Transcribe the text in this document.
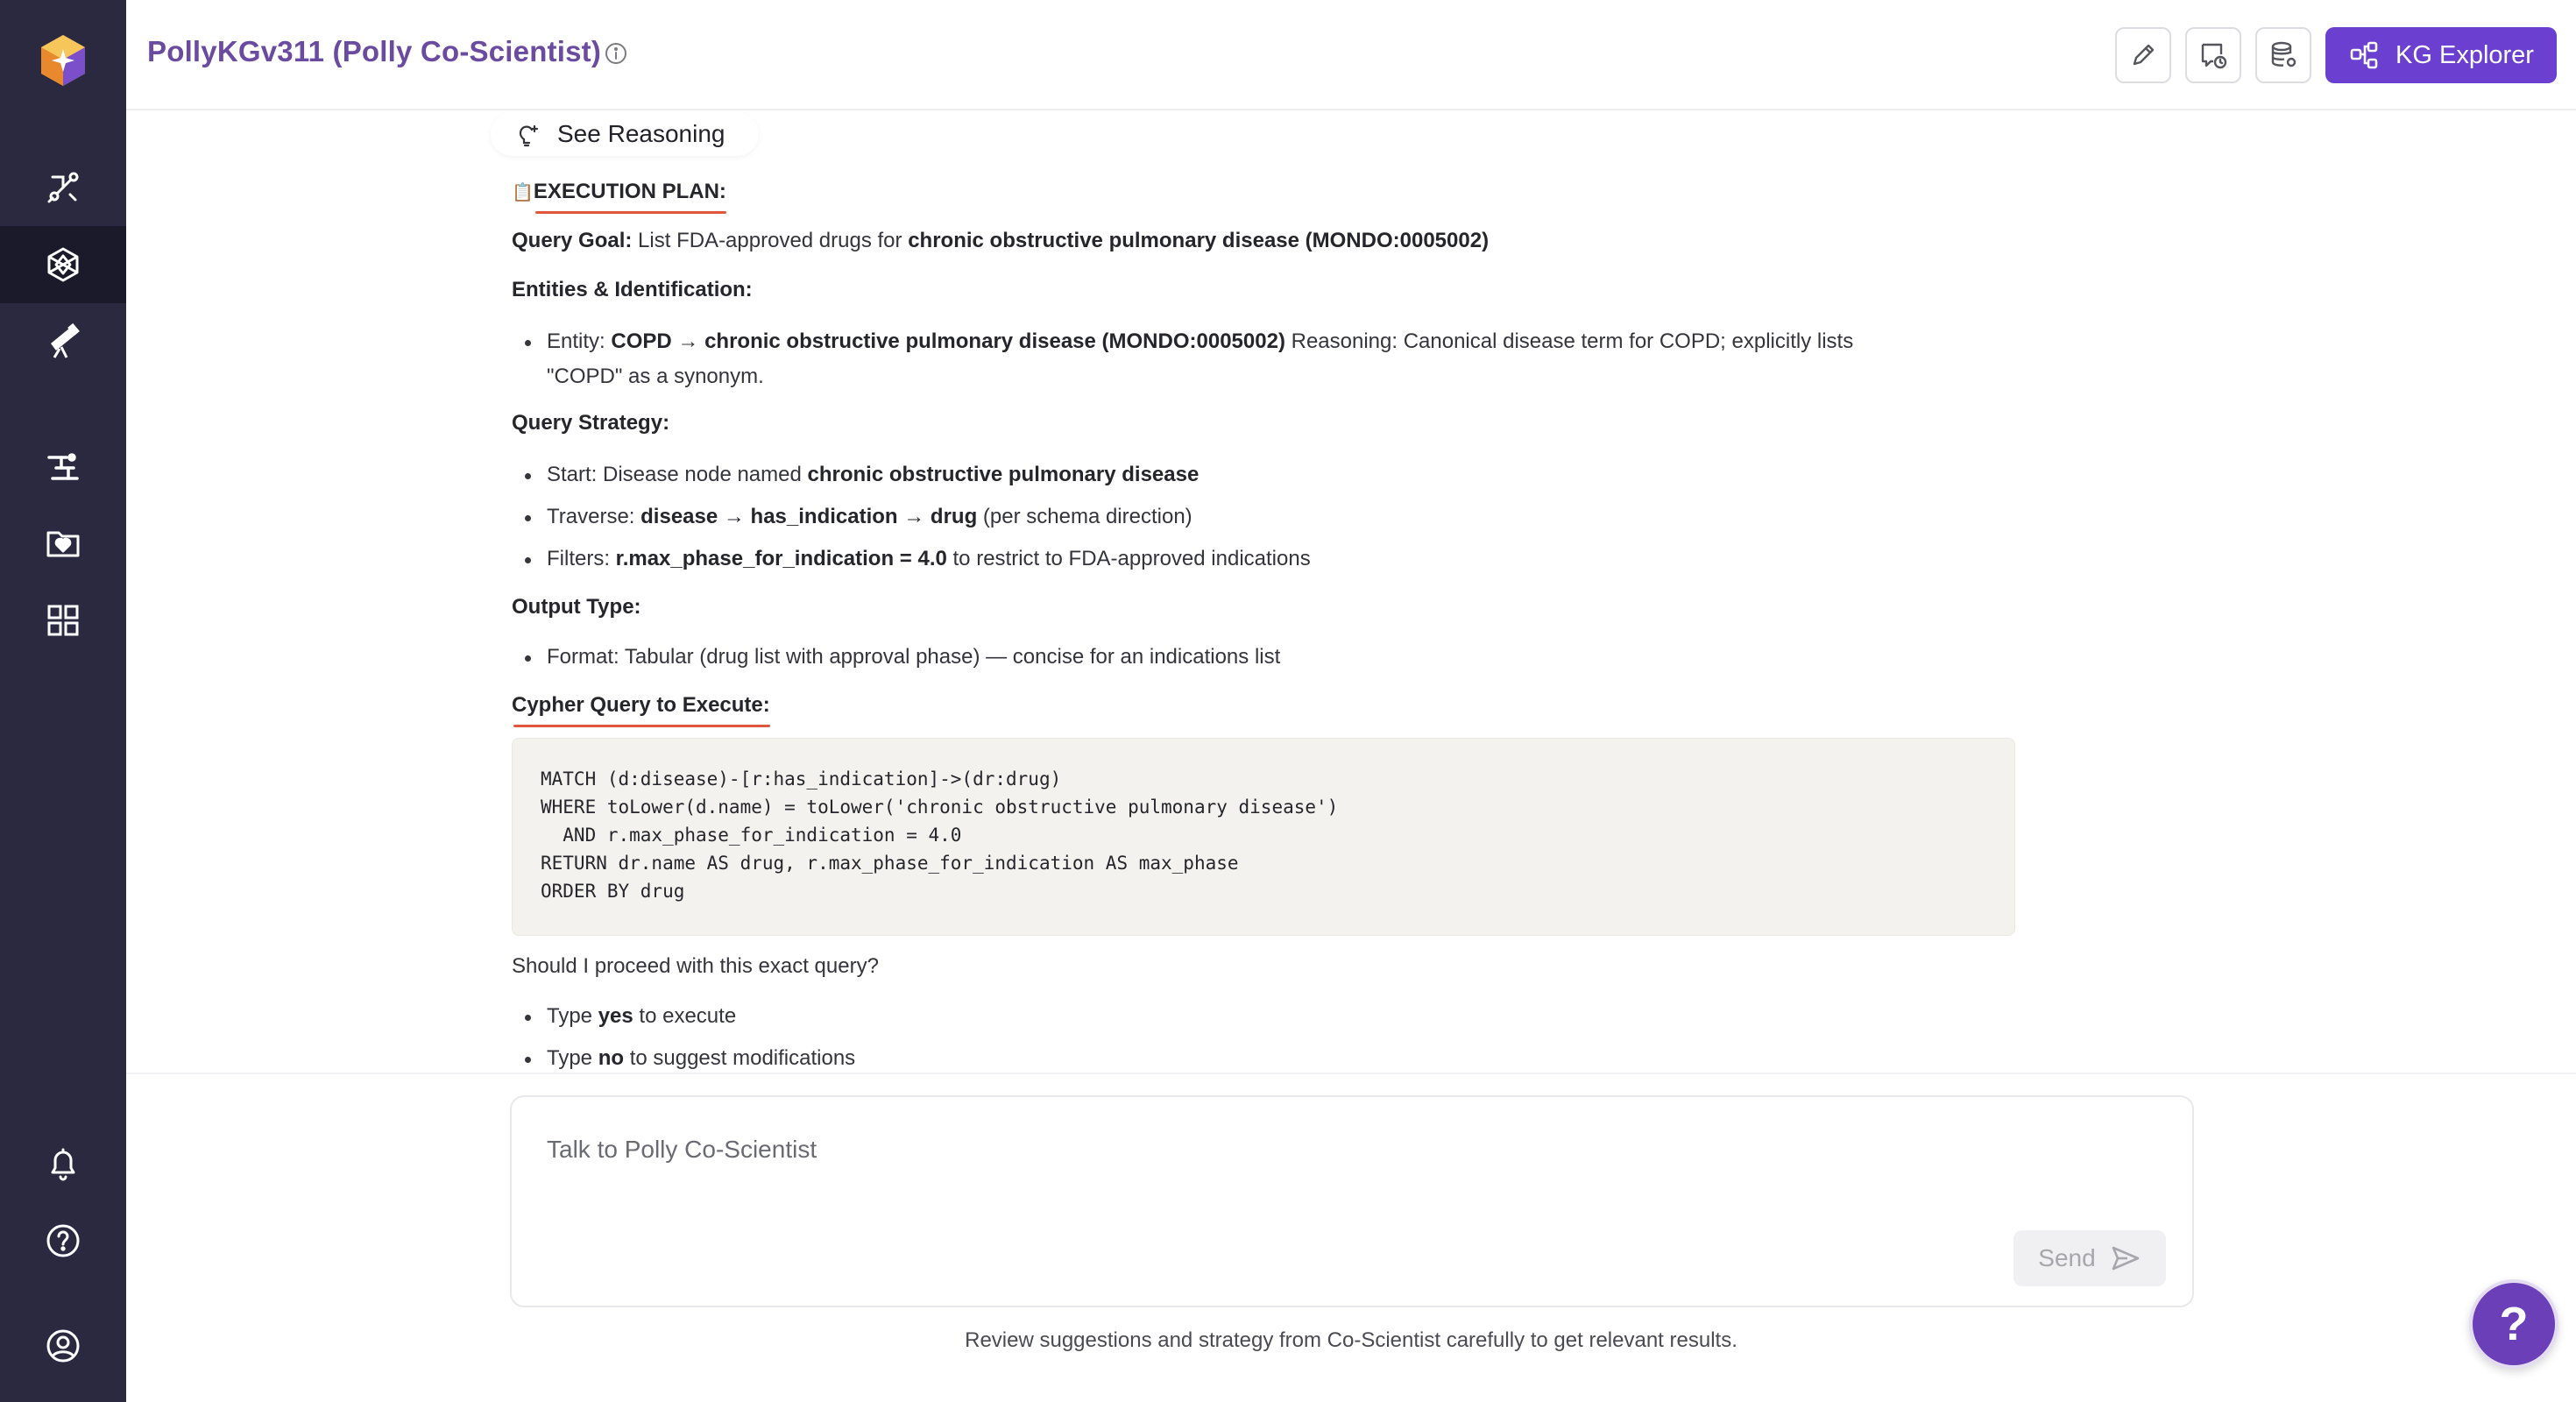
PollyKGv311 (Polly Co-Scientist)	KG Explorer
See Reasoning
📋EXECUTION PLAN:
Query Goal: List FDA-approved drugs for chronic obstructive pulmonary disease (MONDO:0005002)
Entities & Identification:
Entity: COPD → chronic obstructive pulmonary disease (MONDO:0005002) Reasoning: Canonical disease term for COPD; explicitly lists
"COPD" as a synonym.
Query Strategy:
Start: Disease node named chronic obstructive pulmonary disease
Traverse: disease → has_indication → drug (per schema direction)
Filters: r.max_phase_for_indication = 4.0 to restrict to FDA-approved indications
Output Type:
Format: Tabular (drug list with approval phase) — concise for an indications list
Cypher Query to Execute:
MATCH (d:disease)-[r:has_indication]->(dr:drug)
WHERE toLower(d.name) = toLower('chronic obstructive pulmonary disease')
AND r.max_phase_for_indication = 4.0
RETURN dr.name AS drug, r.max_phase_for_indication AS max_phase
ORDER BY drug
Should I proceed with this exact query?
Type yes to execute
Type no to suggest modifications
Talk to Polly Co-Scientist
Send
Review suggestions and strategy from Co-Scientist carefully to get relevant results.	?
